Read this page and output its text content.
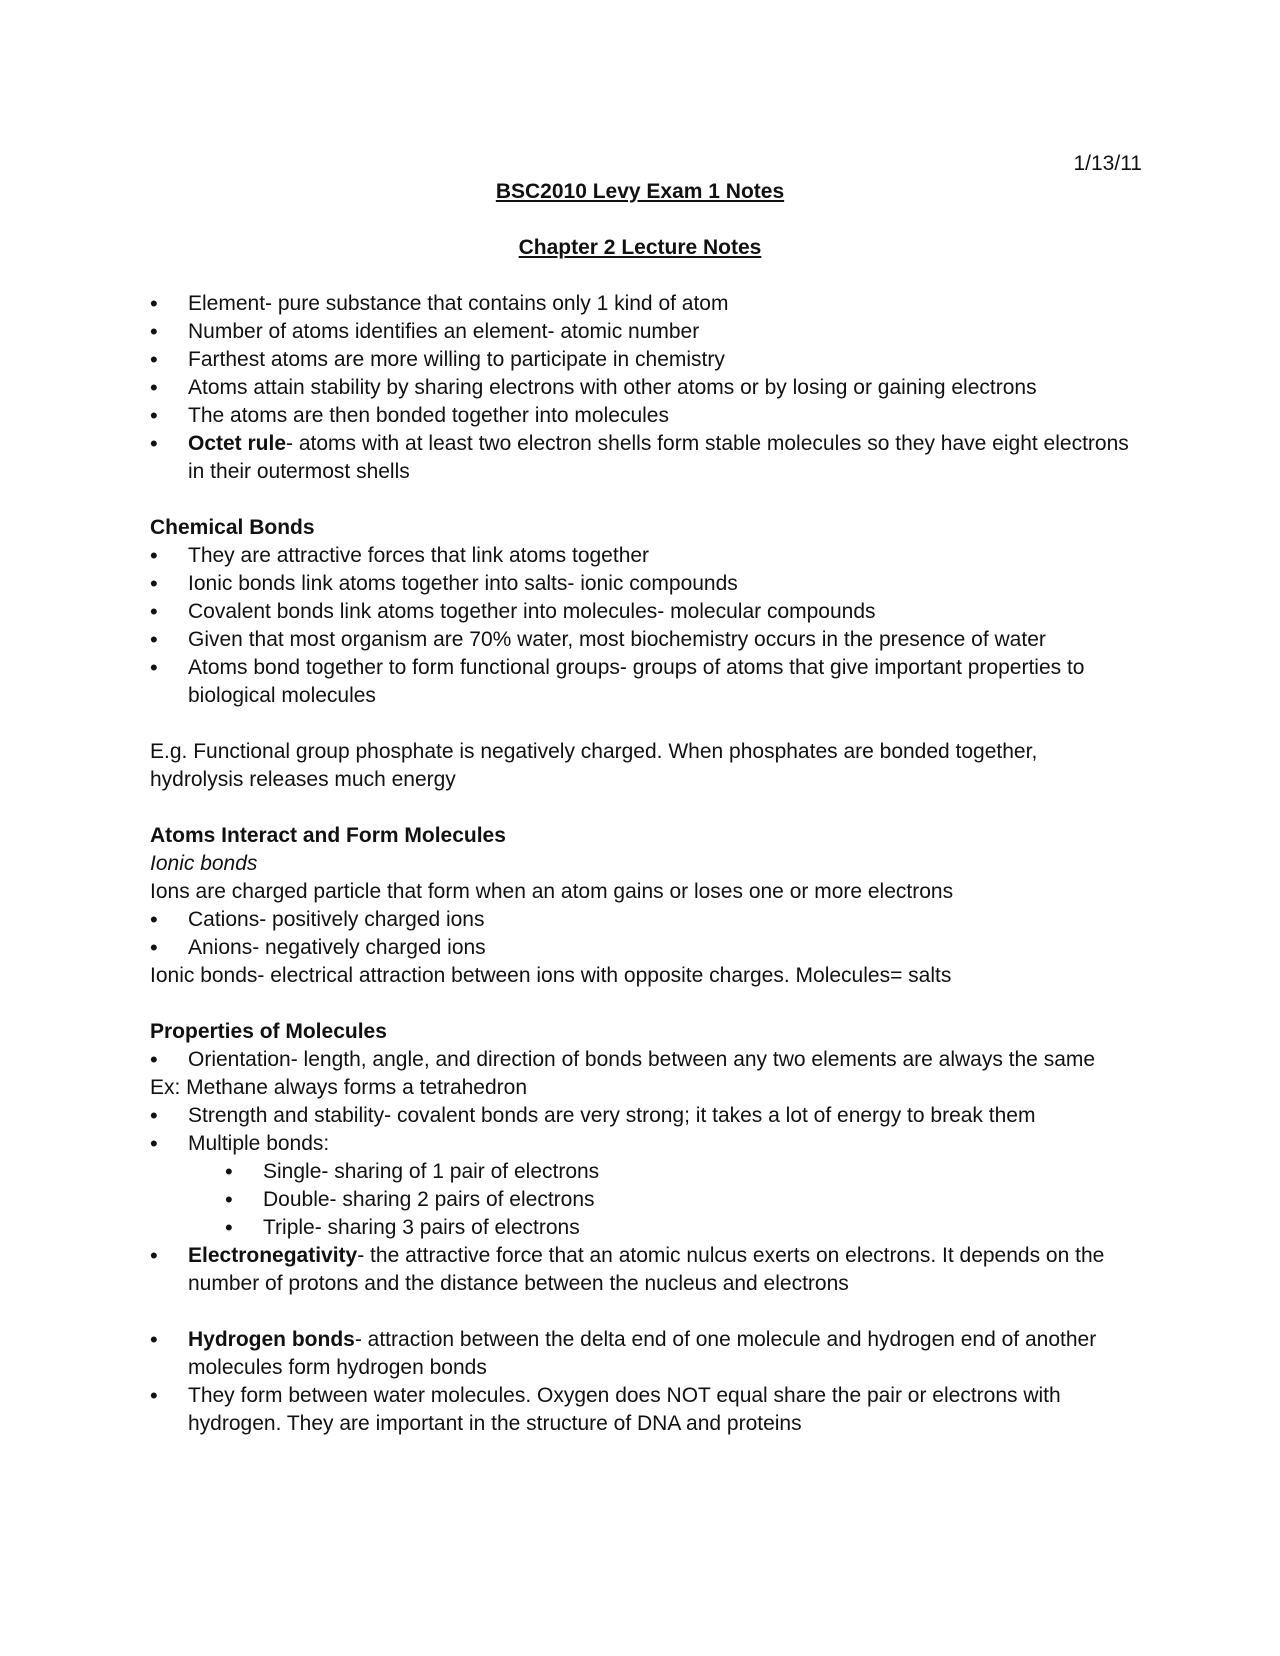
1/13/11
BSC2010 Levy Exam 1 Notes
Chapter 2 Lecture Notes
• Element- pure substance that contains only 1 kind of atom
• Number of atoms identifies an element- atomic number
• Farthest atoms are more willing to participate in chemistry
• Atoms attain stability by sharing electrons with other atoms or by losing or gaining electrons
• The atoms are then bonded together into molecules
• Octet rule- atoms with at least two electron shells form stable molecules so they have eight electrons in their outermost shells
Chemical Bonds
• They are attractive forces that link atoms together
• Ionic bonds link atoms together into salts- ionic compounds
• Covalent bonds link atoms together into molecules- molecular compounds
• Given that most organism are 70% water, most biochemistry occurs in the presence of water
• Atoms bond together to form functional groups- groups of atoms that give important properties to biological molecules

E.g. Functional group phosphate is negatively charged. When phosphates are bonded together, hydrolysis releases much energy

Atoms Interact and Form Molecules
Ionic bonds

Ions are charged particle that form when an atom gains or loses one or more electrons

• Cations- positively charged ions
• Anions- negatively charged ions

Ionic bonds- electrical attraction between ions with opposite charges. Molecules= salts

Properties of Molecules
• Orientation- length, angle, and direction of bonds between any two elements are always the same

Ex: Methane always forms a tetrahedron

• Strength and stability- covalent bonds are very strong; it takes a lot of energy to break them
• Multiple bonds:
• Single- sharing of 1 pair of electrons
• Double- sharing 2 pairs of electrons
• Triple- sharing 3 pairs of electrons
• Electronegativity- the attractive force that an atomic nulcus exerts on electrons. It depends on the number of protons and the distance between the nucleus and electrons
• Hydrogen bonds- attraction between the delta end of one molecule and hydrogen end of another molecules form hydrogen bonds
• They form between water molecules. Oxygen does NOT equal share the pair or electrons with hydrogen. They are important in the structure of DNA and proteins
